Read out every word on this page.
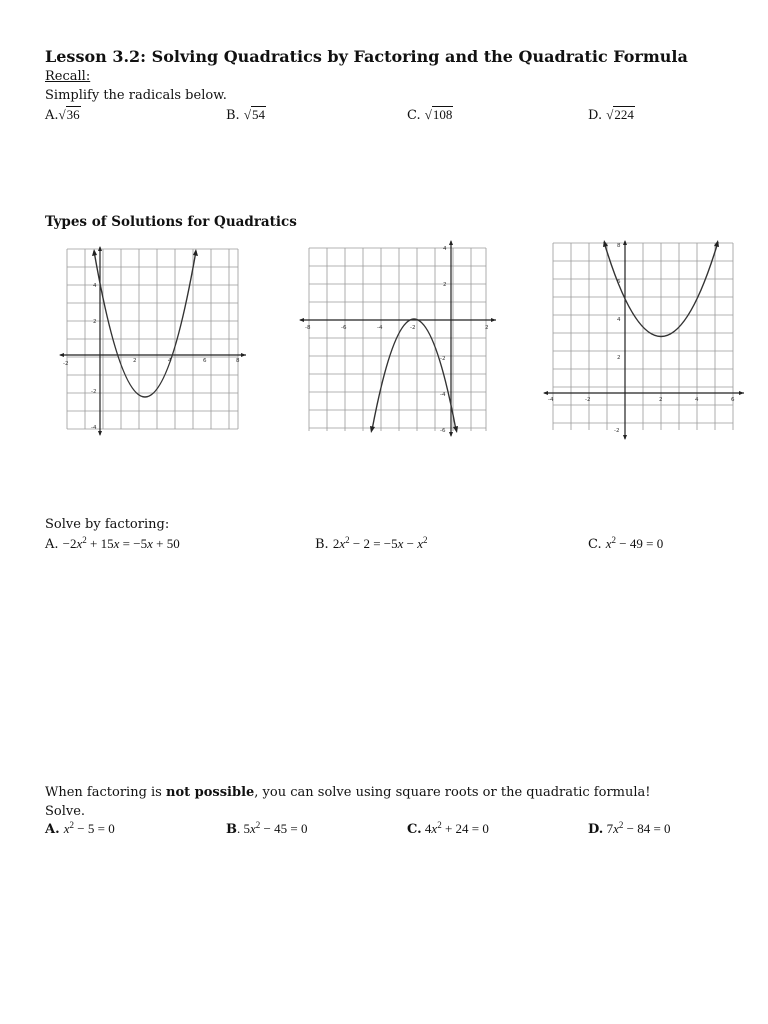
Lesson 3.2: Solving Quadratics by Factoring and the Quadratic Formula
Recall:
Simplify the radicals below.
A.√36	B. √54	C. √108	D. √224
Types of Solutions for Quadratics
-2	2	4	6	8
4
2
-2
-4
-8	-6	-4	-2	2
4
2
-2
-4
-6
-4	-2	2	4	6
8
6
4
2
-2
Solve by factoring:
A. $-2x^2 + 15x = -5x + 50$	B. $2x^2 - 2 = -5x - x^2$	C. $x^2 - 49 = 0$
When factoring is not possible, you can solve using square roots or the quadratic formula!
Solve.
A. $x^2 - 5 = 0$	B. $5x^2 - 45 = 0$	C. $4x^2 + 24 = 0$	D. $7x^2 - 84 = 0$
